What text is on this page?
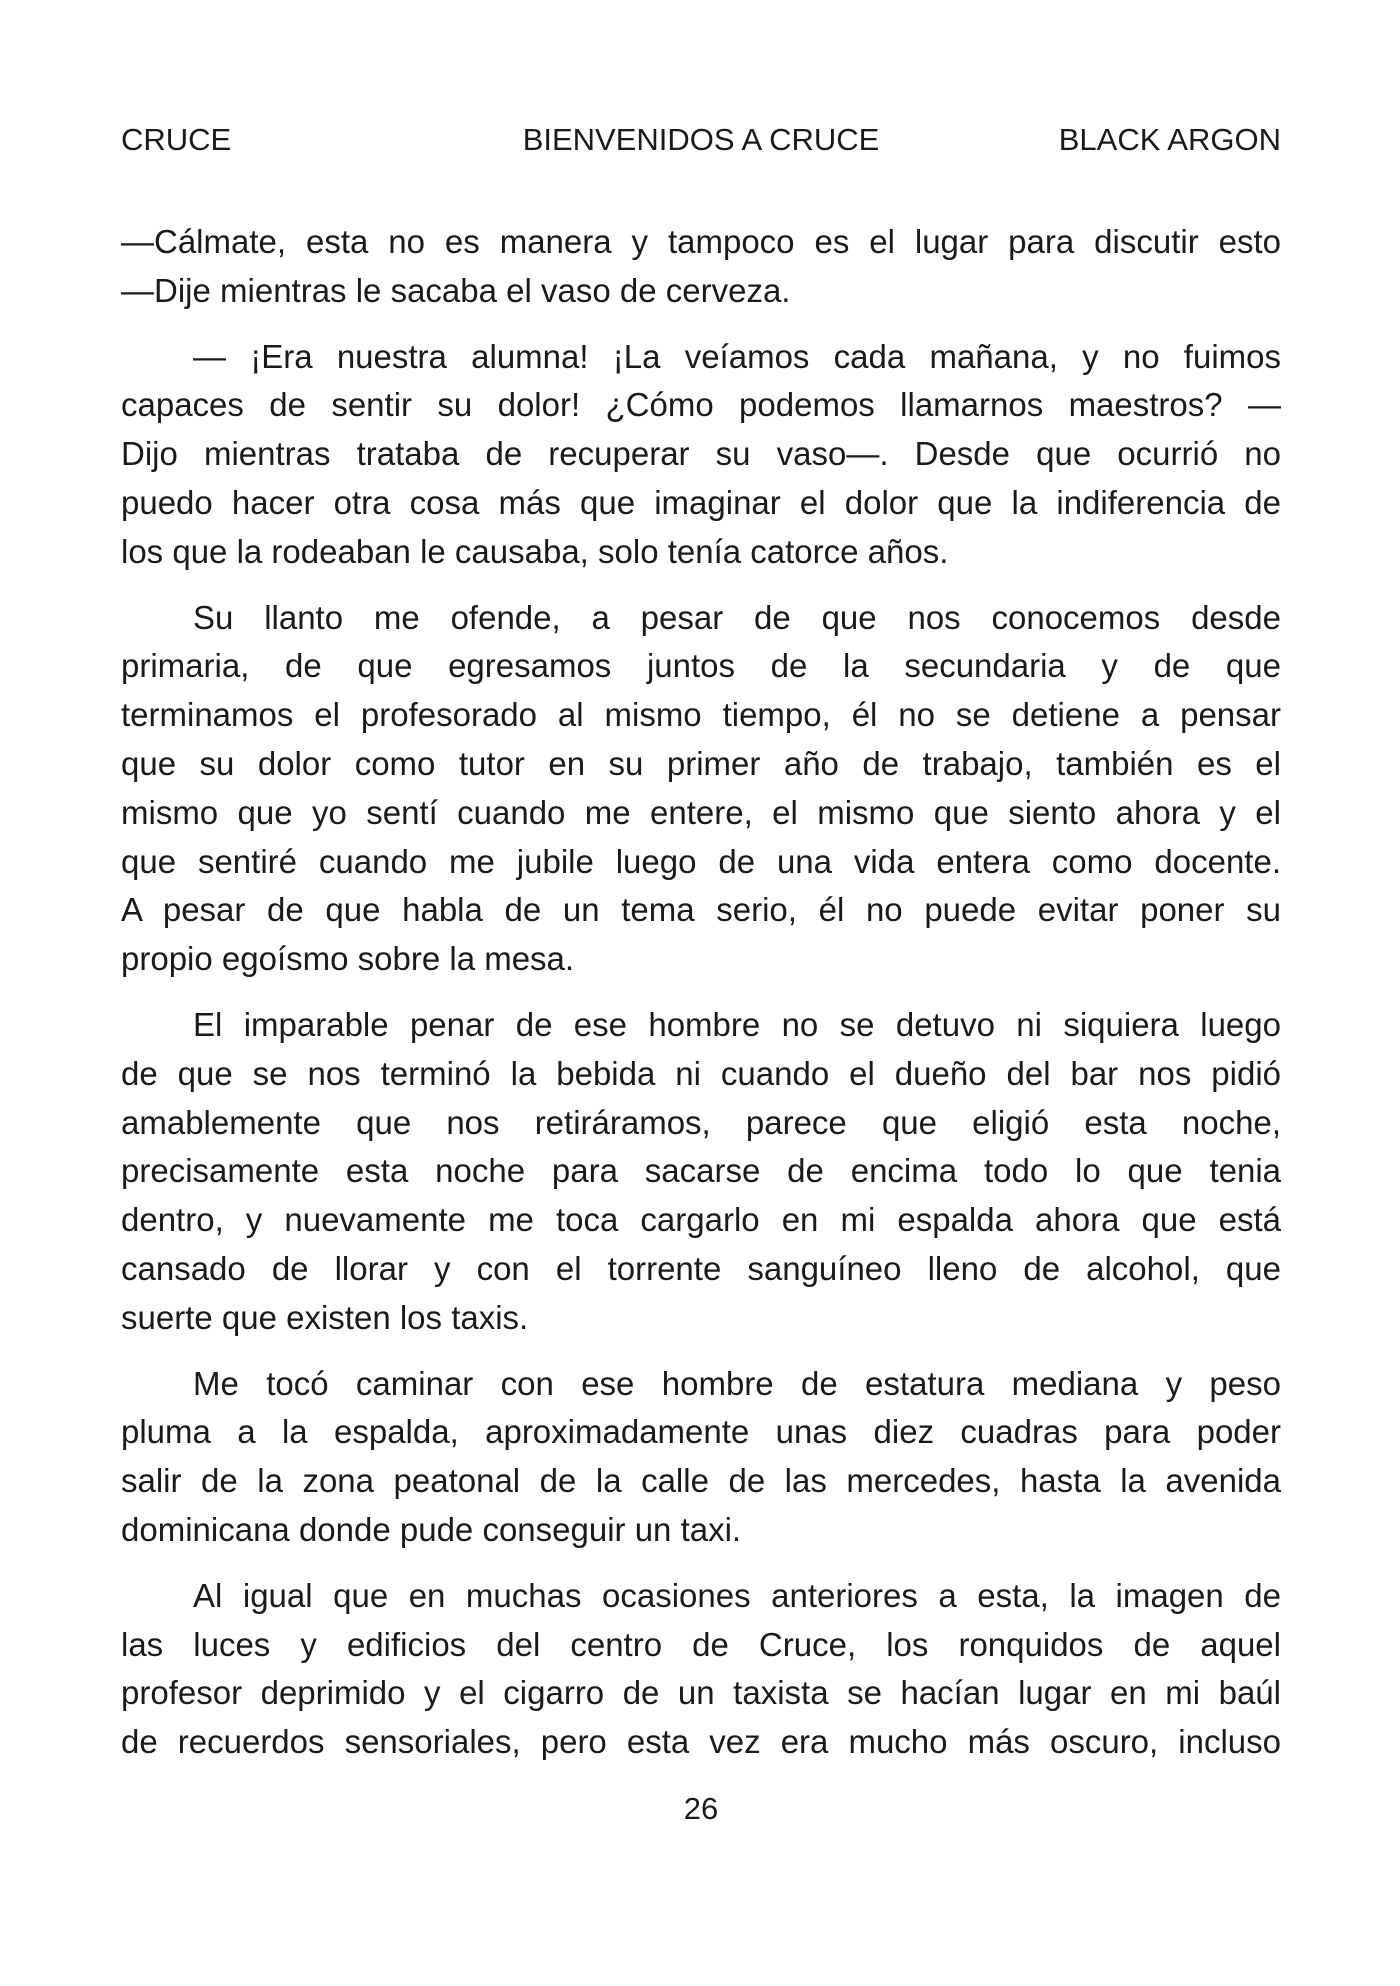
CRUCE	BIENVENIDOS A CRUCE	BLACK ARGON
—Cálmate, esta no es manera y tampoco es el lugar para discutir esto
—Dije mientras le sacaba el vaso de cerveza.
— ¡Era nuestra alumna! ¡La veíamos cada mañana, y no fuimos
capaces de sentir su dolor! ¿Cómo podemos llamarnos maestros? —
Dijo mientras trataba de recuperar su vaso—. Desde que ocurrió no
puedo hacer otra cosa más que imaginar el dolor que la indiferencia de
los que la rodeaban le causaba, solo tenía catorce años.
Su llanto me ofende, a pesar de que nos conocemos desde
primaria, de que egresamos juntos de la secundaria y de que
terminamos el profesorado al mismo tiempo, él no se detiene a pensar
que su dolor como tutor en su primer año de trabajo, también es el
mismo que yo sentí cuando me entere, el mismo que siento ahora y el
que sentiré cuando me jubile luego de una vida entera como docente.
A pesar de que habla de un tema serio, él no puede evitar poner su
propio egoísmo sobre la mesa.
El imparable penar de ese hombre no se detuvo ni siquiera luego
de que se nos terminó la bebida ni cuando el dueño del bar nos pidió
amablemente que nos retiráramos, parece que eligió esta noche,
precisamente esta noche para sacarse de encima todo lo que tenia
dentro, y nuevamente me toca cargarlo en mi espalda ahora que está
cansado de llorar y con el torrente sanguíneo lleno de alcohol, que
suerte que existen los taxis.
Me tocó caminar con ese hombre de estatura mediana y peso
pluma a la espalda, aproximadamente unas diez cuadras para poder
salir de la zona peatonal de la calle de las mercedes, hasta la avenida
dominicana donde pude conseguir un taxi.
Al igual que en muchas ocasiones anteriores a esta, la imagen de
las luces y edificios del centro de Cruce, los ronquidos de aquel
profesor deprimido y el cigarro de un taxista se hacían lugar en mi baúl
de recuerdos sensoriales, pero esta vez era mucho más oscuro, incluso
26
